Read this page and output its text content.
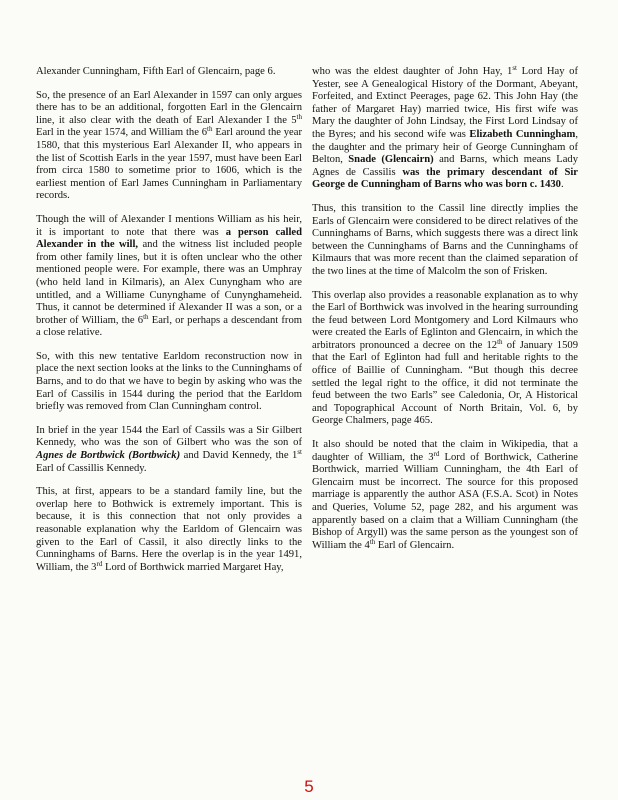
Alexander Cunningham, Fifth Earl of Glencairn, page 6.

So, the presence of an Earl Alexander in 1597 can only argues there has to be an additional, forgotten Earl in the Glencairn line, it also clear with the death of Earl Alexander I the 5th Earl in the year 1574, and William the 6th Earl around the year 1580, that this mysterious Earl Alexander II, who appears in the list of Scottish Earls in the year 1597, must have been Earl from circa 1580 to sometime prior to 1606, which is the earliest mention of Earl James Cunningham in Parliamentary records.

Though the will of Alexander I mentions William as his heir, it is important to note that there was a person called Alexander in the will, and the witness list included people from other family lines, but it is often unclear who the other mentioned people were. For example, there was an Umphray (who held land in Kilmaris), an Alex Cunyngham who are untitled, and a Williame Cunynghame of Cunynghameheid. Thus, it cannot be determined if Alexander II was a son, or a brother of William, the 6th Earl, or perhaps a descendant from a close relative.

So, with this new tentative Earldom reconstruction now in place the next section looks at the links to the Cunninghams of Barns, and to do that we have to begin by asking who was the Earl of Cassilis in 1544 during the period that the Earldom briefly was removed from Clan Cunningham control.

In brief in the year 1544 the Earl of Cassils was a Sir Gilbert Kennedy, who was the son of Gilbert who was the son of Agnes de Bortbwick (Bortbwick) and David Kennedy, the 1st Earl of Cassillis Kennedy.

This, at first, appears to be a standard family line, but the overlap here to Bothwick is extremely important. This is because, it is this connection that not only provides a reasonable explanation why the Earldom of Glencairn was given to the Earl of Cassil, it also directly links to the Cunninghams of Barns. Here the overlap is in the year 1491, William, the 3rd Lord of Borthwick married Margaret Hay,

who was the eldest daughter of John Hay, 1st Lord Hay of Yester, see A Genealogical History of the Dormant, Abeyant, Forfeited, and Extinct Peerages, page 62. This John Hay (the father of Margaret Hay) married twice, His first wife was Mary the daughter of John Lindsay, the First Lord Lindsay of the Byres; and his second wife was Elizabeth Cunningham, the daughter and the primary heir of George Cunningham of Belton, Snade (Glencairn) and Barns, which means Lady Agnes de Cassilis was the primary descendant of Sir George de Cunningham of Barns who was born c. 1430.

Thus, this transition to the Cassil line directly implies the Earls of Glencairn were considered to be direct relatives of the Cunninghams of Barns, which suggests there was a direct link between the Cunninghams of Barns and the Cunninghams of Kilmaurs that was more recent than the claimed separation of the two lines at the time of Malcolm the son of Frisken.

This overlap also provides a reasonable explanation as to why the Earl of Borthwick was involved in the hearing surrounding the feud between Lord Montgomery and Lord Kilmaurs who were created the Earls of Eglinton and Glencairn, in which the arbitrators pronounced a decree on the 12th of January 1509 that the Earl of Eglinton had full and heritable rights to the office of Baillie of Cunningham. “But though this decree settled the legal right to the office, it did not terminate the feud between the two Earls” see Caledonia, Or, A Historical and Topographical Account of North Britain, Vol. 6, by George Chalmers, page 465.

It also should be noted that the claim in Wikipedia, that a daughter of William, the 3rd Lord of Borthwick, Catherine Borthwick, married William Cunningham, the 4th Earl of Glencairn must be incorrect. The source for this proposed marriage is apparently the author ASA (F.S.A. Scot) in Notes and Queries, Volume 52, page 282, and his argument was apparently based on a claim that a William Cunningham (the Bishop of Argyll) was the same person as the youngest son of William the 4th Earl of Glencairn.

5
